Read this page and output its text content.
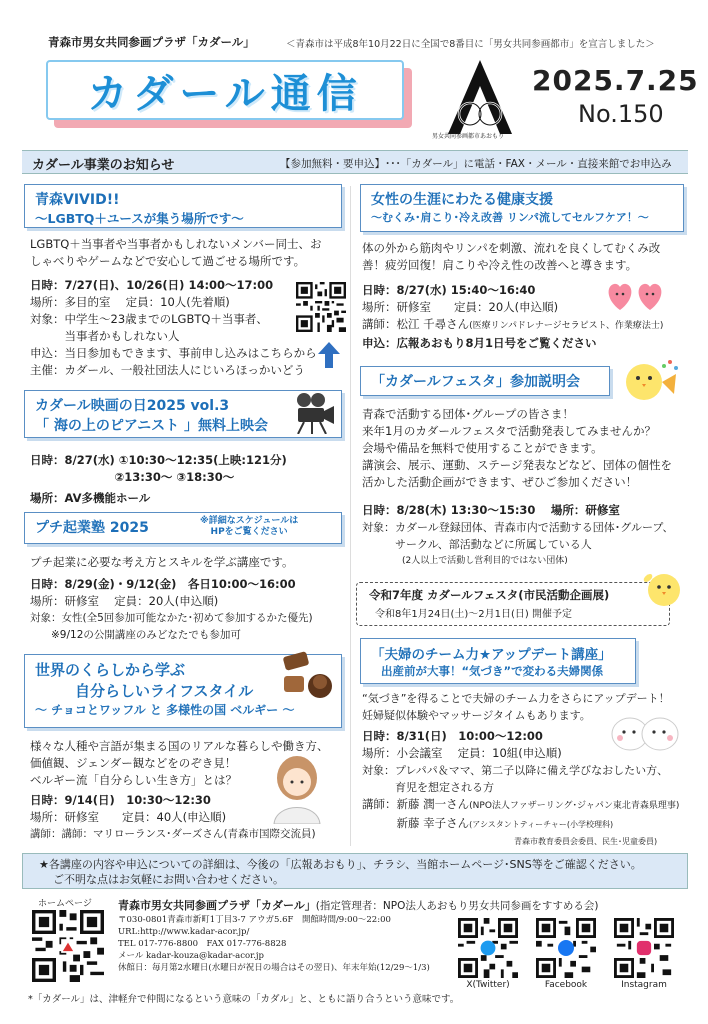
青森市男女共同参画プラザ「カダール」	＜青森市は平成8年10月22日に全国で8番目に「男女共同参画都市」を宣言しました＞
カダール通信
男女共同参画都市あおもり
2025.7.25
No.150
カダール事業のお知らせ	【参加無料・要申込】･･･「カダール」に電話・FAX・メール・直接来館でお申込み
青森VIVID!!
～LGBTQ＋ユースが集う場所です～
LGBTQ＋当事者や当事者かもしれないメンバー同士、お
しゃべりやゲームなどで安心して過ごせる場所です。
日時：7/27(日)、10/26(日) 14:00～17:00
場所：多目的室　 定員：10人(先着順)
対象：中学生～23歳までのLGBTQ＋当事者、
　　　当事者かもしれない人
申込：当日参加もできます、事前申し込みはこちらから
主催：カダール、一般社団法人にじいろほっかいどう
カダール映画の日2025 vol.3
「 海の上のピアニスト 」無料上映会
日時：8/27(水) ①10:30～12:35(上映:121分)
　　　　　　　 ②13:30～ ③18:30～
場所：AV多機能ホール
プチ起業塾 2025	※詳細なスケジュールは
HPをご覧ください
プチ起業に必要な考え方とスキルを学ぶ講座です。
日時：8/29(金)・9/12(金)　各日10:00～16:00
場所：研修室　 定員：20人(申込順)
対象：女性(全5回参加可能なかた･初めて参加するかた優先)
　　※9/12の公開講座のみどなたでも参加可
世界のくらしから学ぶ
自分らしいライフスタイル
～ チョコとワッフル と 多様性の国 ベルギー ～
様々な人種や言語が集まる国のリアルな暮らしや働き方、
価値観、ジェンダー観などをのぞき見！
ベルギー流「自分らしい生き方」とは？
日時：9/14(日)　10:30～12:30
場所：研修室　　定員：40人(申込順)
講師：講師：マリローランス･ダーズさん(青森市国際交流員)
女性の生涯にわたる健康支援
～むくみ･肩こり･冷え改善 リンパ流してセルフケア！～
体の外から筋肉やリンパを刺激、流れを良くしてむくみ改
善！疲労回復！肩こりや冷え性の改善へと導きます。
日時：8/27(水) 15:40～16:40
場所：研修室　　定員：20人(申込順)
講師：松江 千尋さん(医療リンパドレナージセラピスト、作業療法士)
申込：広報あおもり8月1日号をご覧ください
「カダールフェスタ」参加説明会
青森で活動する団体･グループの皆さま！
来年1月のカダールフェスタで活動発表してみませんか？
会場や備品を無料で使用することができます。
講演会、展示、運動、ステージ発表などなど、団体の個性を
活かした活動企画ができます、ぜひご参加ください！
日時：8/28(木) 13:30～15:30　 場所：研修室
対象：カダール登録団体、青森市内で活動する団体･グループ、
　　　サークル、部活動などに所属している人
(2人以上で活動し営利目的ではない団体)
令和7年度 カダールフェスタ(市民活動企画展)
令和8年1月24日(土)～2月1日(日) 開催予定
「夫婦のチーム力★アップデート講座」
出産前が大事！“気づき”で変わる夫婦関係
“気づき”を得ることで夫婦のチーム力をさらにアップデート！
妊婦疑似体験やマッサージタイムもあります。
日時：8/31(日)　10:00～12:00
場所：小会議室　 定員：10組(申込順)
対象：プレパパ＆ママ、第二子以降に備え学びなおしたい方、
　　　育児を想定される方
講師：新藤 潤一さん(NPO法人ファザーリング･ジャパン東北青森県理事)
　　　新藤 幸子さん(アシスタントティーチャー(小学校理科)
青森市教育委員会委員、民生･児童委員)

★各講座の内容や申込についての詳細は、今後の「広報あおもり」、チラシ、当館ホームページ･SNS等をご確認ください。

ご不明な点はお気軽にお問い合わせください。

ホームページ 青森市男女共同参画プラザ「カダール」(指定管理者：NPO法人あおもり男女共同参画をすすめる会)
〒030-0801青森市新町1丁目3-7 アウガ5.6F　開館時間/9:00～22:00
URL:http://www.kadar-acor.jp/
TEL 017-776-8800　FAX 017-776-8828
メール kadar-kouza@kadar-acor.jp
休館日：毎月第2水曜日(水曜日が祝日の場合はその翌日)、年末年始(12/29～1/3)
X(Twitter)	Facebook	Instagram
*「カダール」は、津軽弁で仲間になるという意味の「カダル」と、ともに語り合うという意味です。
